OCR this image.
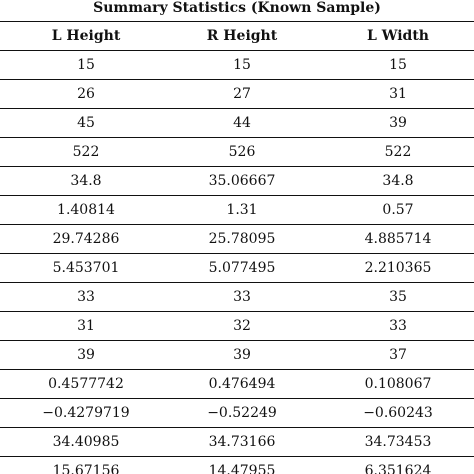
Summary Statistics (Known Sample)
	L Height	R Height	L Width
	15	15	15
	26	27	31
	45	44	39
	522	526	522
	34.8	35.06667	34.8
	1.40814	1.31	0.57
	29.74286	25.78095	4.885714
	5.453701	5.077495	2.210365
	33	33	35
	31	32	33
	39	39	37
	0.4577742	0.476494	0.108067
	−0.4279719	−0.52249	−0.60243
	34.40985	34.73166	34.73453
	15.67156	14.47955	6.351624
